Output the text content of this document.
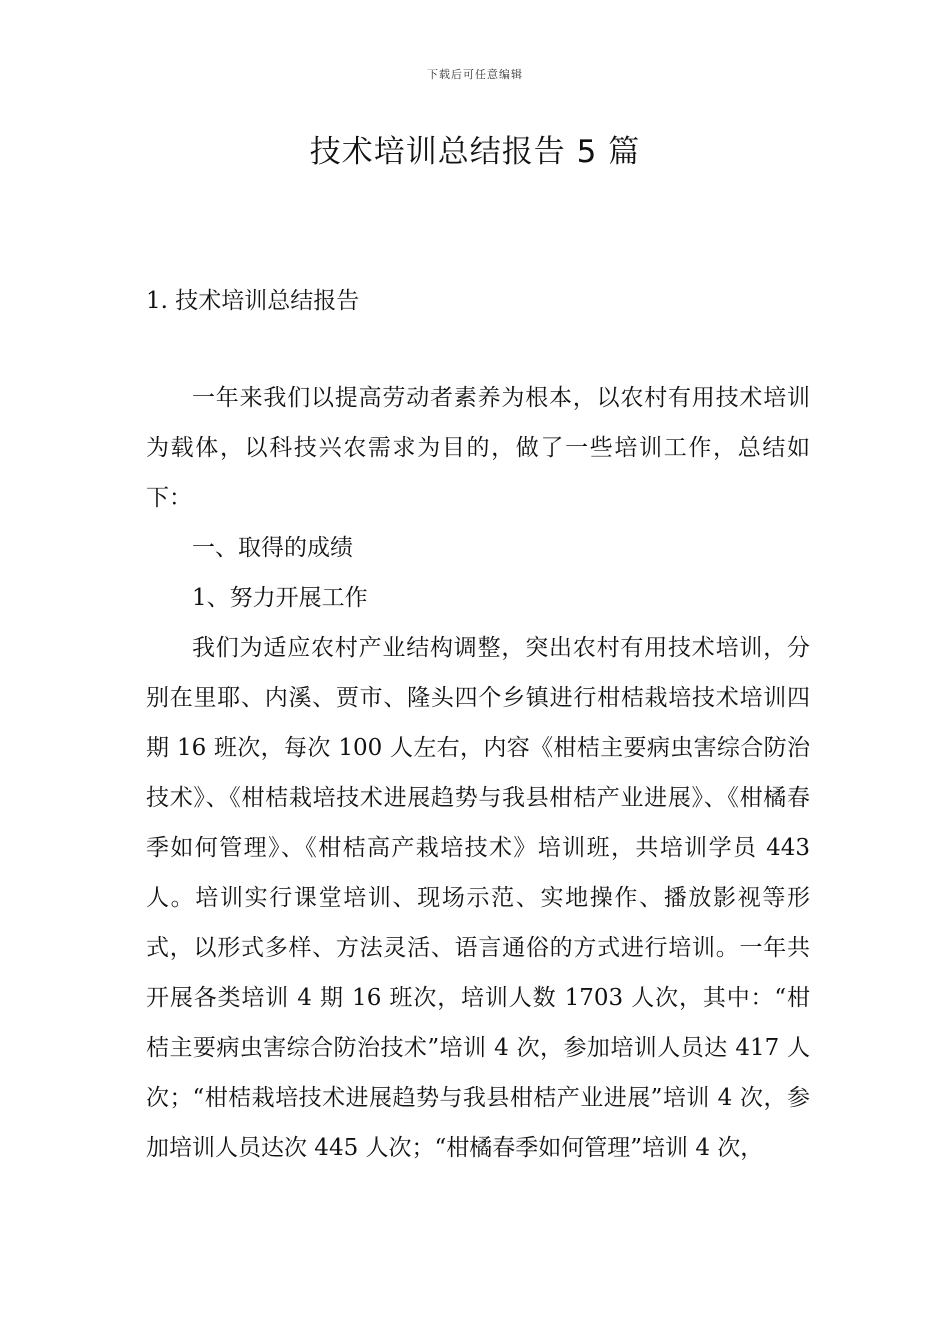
下载后可任意编辑
技术培训总结报告 5 篇
1. 技术培训总结报告

一年来我们以提高劳动者素养为根本，以农村有用技术培训为载体，以科技兴农需求为目的，做了一些培训工作，总结如下：

一、取得的成绩

1、努力开展工作

我们为适应农村产业结构调整，突出农村有用技术培训，分别在里耶、内溪、贾市、隆头四个乡镇进行柑桔栽培技术培训四期 16 班次，每次 100 人左右，内容《柑桔主要病虫害综合防治技术》、《柑桔栽培技术进展趋势与我县柑桔产业进展》、《柑橘春季如何管理》、《柑桔高产栽培技术》培训班，共培训学员 443 人。培训实行课堂培训、现场示范、实地操作、播放影视等形式，以形式多样、方法灵活、语言通俗的方式进行培训。一年共开展各类培训 4 期 16 班次，培训人数 1703 人次，其中：“柑桔主要病虫害综合防治技术”培训 4 次，参加培训人员达 417 人次；“柑桔栽培技术进展趋势与我县柑桔产业进展”培训 4 次，参加培训人员达次 445 人次；“柑橘春季如何管理”培训 4 次，
